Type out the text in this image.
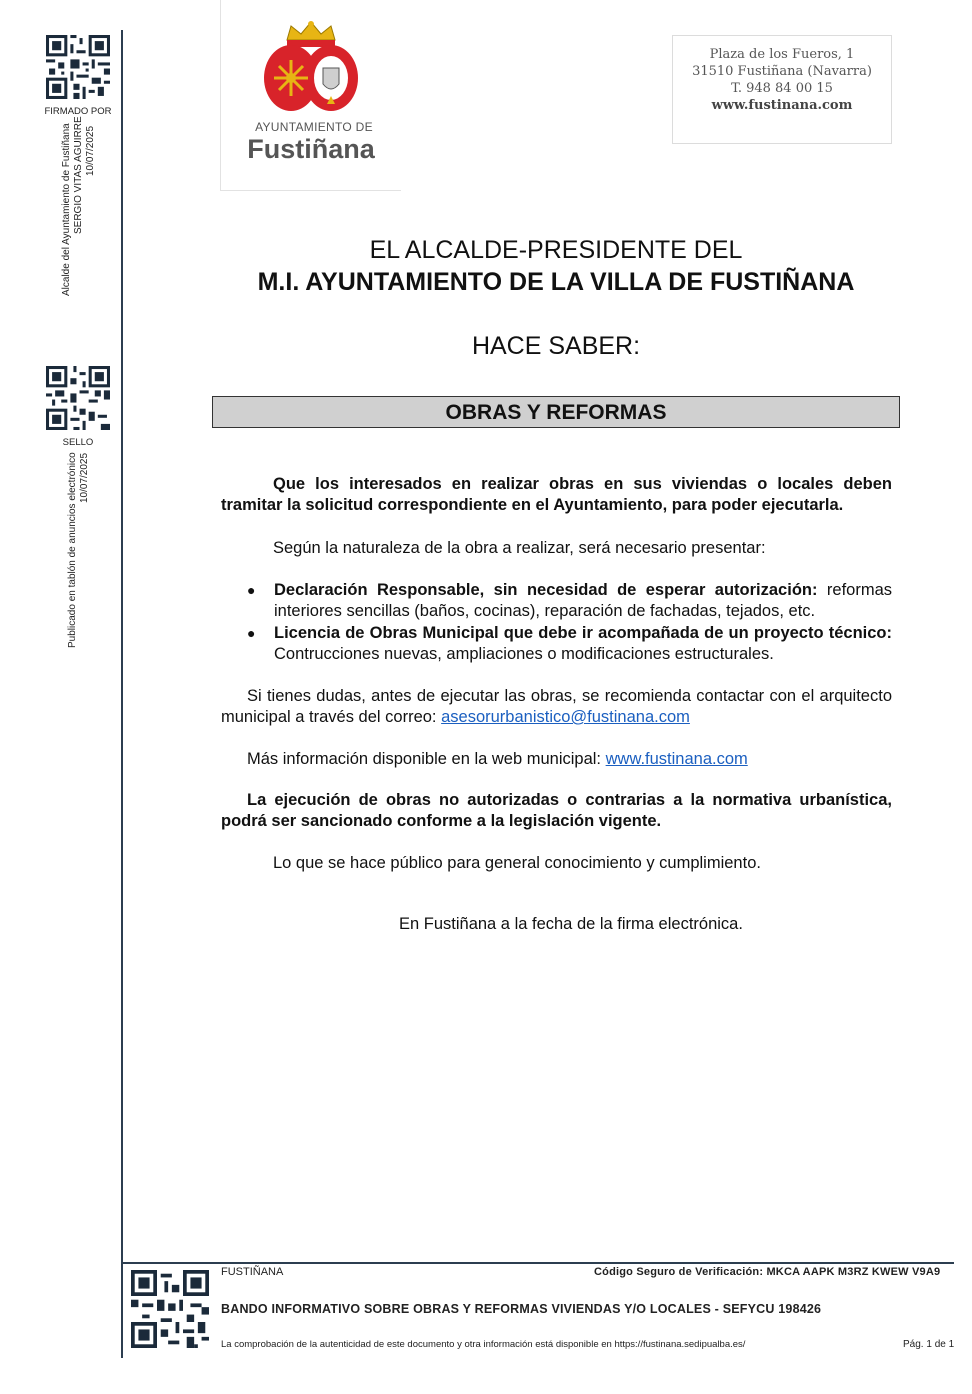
FIRMADO POR
Alcalde del Ayuntamiento de Fustiñana SERGIO VITAS AGUIRRE 10/07/2025
SELLO
Publicado en tablón de anuncios electrónico 10/07/2025
AYUNTAMIENTO DE
Fustiñana
Plaza de los Fueros, 1
31510 Fustiñana (Navarra)
T. 948 84 00 15
www.fustinana.com
EL ALCALDE-PRESIDENTE DEL
M.I. AYUNTAMIENTO DE LA VILLA DE FUSTIÑANA
HACE SABER:
OBRAS Y REFORMAS
Que los interesados en realizar obras en sus viviendas o locales deben tramitar la solicitud correspondiente en el Ayuntamiento, para poder ejecutarla.
Según la naturaleza de la obra a realizar, será necesario presentar:
● Declaración Responsable, sin necesidad de esperar autorización: reformas interiores sencillas (baños, cocinas), reparación de fachadas, tejados, etc.
● Licencia de Obras Municipal que debe ir acompañada de un proyecto técnico: Contrucciones nuevas, ampliaciones o modificaciones estructurales.
Si tienes dudas, antes de ejecutar las obras, se recomienda contactar con el arquitecto municipal a través del correo: asesorurbanistico@fustinana.com
Más información disponible en la web municipal: www.fustinana.com
La ejecución de obras no autorizadas o contrarias a la normativa urbanística, podrá ser sancionado conforme a la legislación vigente.
Lo que se hace público para general conocimiento y cumplimiento.
En Fustiñana a la fecha de la firma electrónica.
FUSTIÑANA	Código Seguro de Verificación: MKCA AAPK M3RZ KWEW V9A9
BANDO INFORMATIVO SOBRE OBRAS Y REFORMAS VIVIENDAS Y/O LOCALES - SEFYCU 198426
La comprobación de la autenticidad de este documento y otra información está disponible en https://fustinana.sedipualba.es/	Pág. 1 de 1
